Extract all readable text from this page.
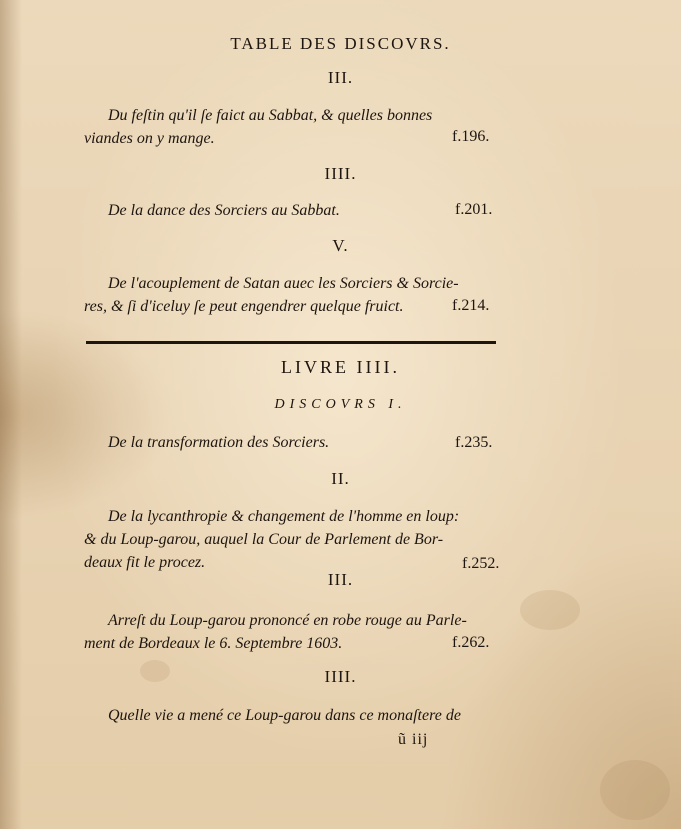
TABLE DES DISCOVRS.
III.
Du feſtin qu'il ſe faict au Sabbat, & quelles bonnes
viandes on y mange.	f.196.
IIII.
De la dance des Sorciers au Sabbat.	f.201.
V.
De l'acouplement de Satan auec les Sorciers & Sorcie-
res, & ſi d'iceluy ſe peut engendrer quelque fruict.	f.214.
LIVRE IIII.
DISCOVRS I.
De la transformation des Sorciers.	f.235.
II.
De la lycanthropie & changement de l'homme en loup:
& du Loup-garou, auquel la Cour de Parlement de Bor-
deaux fit le procez.	f.252.
III.
Arreſt du Loup-garou prononcé en robe rouge au Parle-
ment de Bordeaux le 6. Septembre 1603.	f.262.
IIII.
Quelle vie a mené ce Loup-garou dans ce monaſtere de
ũ iij
